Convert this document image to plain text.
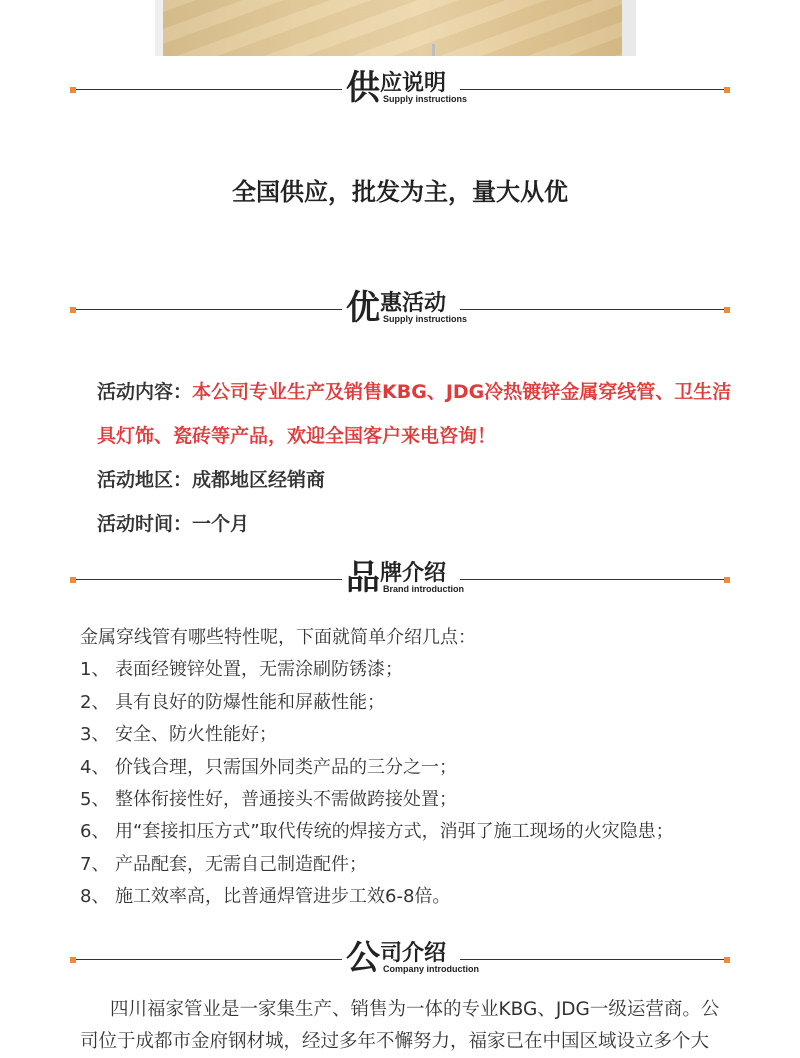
供应说明
Supply instructions
全国供应，批发为主，量大从优
优惠活动
Supply instructions
活动内容：本公司专业生产及销售KBG、JDG冷热镀锌金属穿线管、卫生洁
具灯饰、瓷砖等产品，欢迎全国客户来电咨询！
活动地区：成都地区经销商
活动时间：一个月
品牌介绍
Brand introduction
金属穿线管有哪些特性呢，下面就简单介绍几点：
1、 表面经镀锌处置，无需涂刷防锈漆；
2、 具有良好的防爆性能和屏蔽性能；
3、 安全、防火性能好；
4、 价钱合理，只需国外同类产品的三分之一；
5、 整体衔接性好，普通接头不需做跨接处置；
6、 用“套接扣压方式”取代传统的焊接方式，消弭了施工现场的火灾隐患；
7、 产品配套，无需自己制造配件；
8、 施工效率高，比普通焊管进步工效6-8倍。
公司介绍
Company introduction

四川福家管业是一家集生产、销售为一体的专业KBG、JDG一级运营商。公

司位于成都市金府钢材城，经过多年不懈努力，福家已在中国区域设立多个大
